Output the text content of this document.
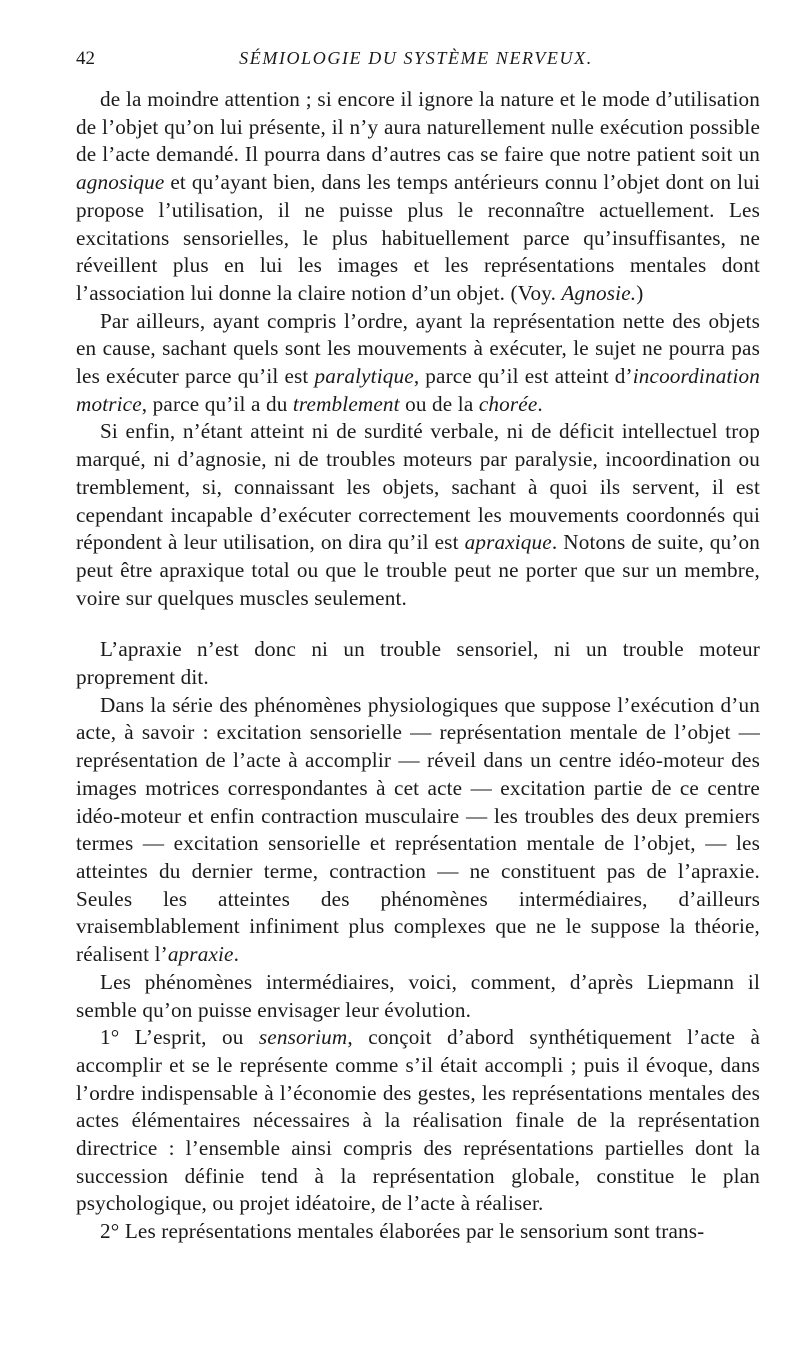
42	SÉMIOLOGIE DU SYSTÈME NERVEUX.

de la moindre attention ; si encore il ignore la nature et le mode d’utilisation de l’objet qu’on lui présente, il n’y aura naturellement nulle exécution possible de l’acte demandé. Il pourra dans d’autres cas se faire que notre patient soit un agnosique et qu’ayant bien, dans les temps antérieurs connu l’objet dont on lui propose l’utilisation, il ne puisse plus le reconnaître actuellement. Les excitations sensorielles, le plus habituellement parce qu’insuffisantes, ne réveillent plus en lui les images et les représentations mentales dont l’association lui donne la claire notion d’un objet. (Voy. Agnosie.)

Par ailleurs, ayant compris l’ordre, ayant la représentation nette des objets en cause, sachant quels sont les mouvements à exécuter, le sujet ne pourra pas les exécuter parce qu’il est paralytique, parce qu’il est atteint d’incoordination motrice, parce qu’il a du tremblement ou de la chorée.

Si enfin, n’étant atteint ni de surdité verbale, ni de déficit intellectuel trop marqué, ni d’agnosie, ni de troubles moteurs par paralysie, incoordination ou tremblement, si, connaissant les objets, sachant à quoi ils servent, il est cependant incapable d’exécuter correctement les mouvements coordonnés qui répondent à leur utilisation, on dira qu’il est apraxique. Notons de suite, qu’on peut être apraxique total ou que le trouble peut ne porter que sur un membre, voire sur quelques muscles seulement.

L’apraxie n’est donc ni un trouble sensoriel, ni un trouble moteur proprement dit.

Dans la série des phénomènes physiologiques que suppose l’exécution d’un acte, à savoir : excitation sensorielle — représentation mentale de l’objet — représentation de l’acte à accomplir — réveil dans un centre idéo-moteur des images motrices correspondantes à cet acte — excitation partie de ce centre idéo-moteur et enfin contraction musculaire — les troubles des deux premiers termes — excitation sensorielle et représentation mentale de l’objet, — les atteintes du dernier terme, contraction — ne constituent pas de l’apraxie. Seules les atteintes des phénomènes intermédiaires, d’ailleurs vraisemblablement infiniment plus complexes que ne le suppose la théorie, réalisent l’apraxie.

Les phénomènes intermédiaires, voici, comment, d’après Liepmann il semble qu’on puisse envisager leur évolution.

1° L’esprit, ou sensorium, conçoit d’abord synthétiquement l’acte à accomplir et se le représente comme s’il était accompli ; puis il évoque, dans l’ordre indispensable à l’économie des gestes, les représentations mentales des actes élémentaires nécessaires à la réalisation finale de la représentation directrice : l’ensemble ainsi compris des représentations partielles dont la succession définie tend à la représentation globale, constitue le plan psychologique, ou projet idéatoire, de l’acte à réaliser.

2° Les représentations mentales élaborées par le sensorium sont trans-
